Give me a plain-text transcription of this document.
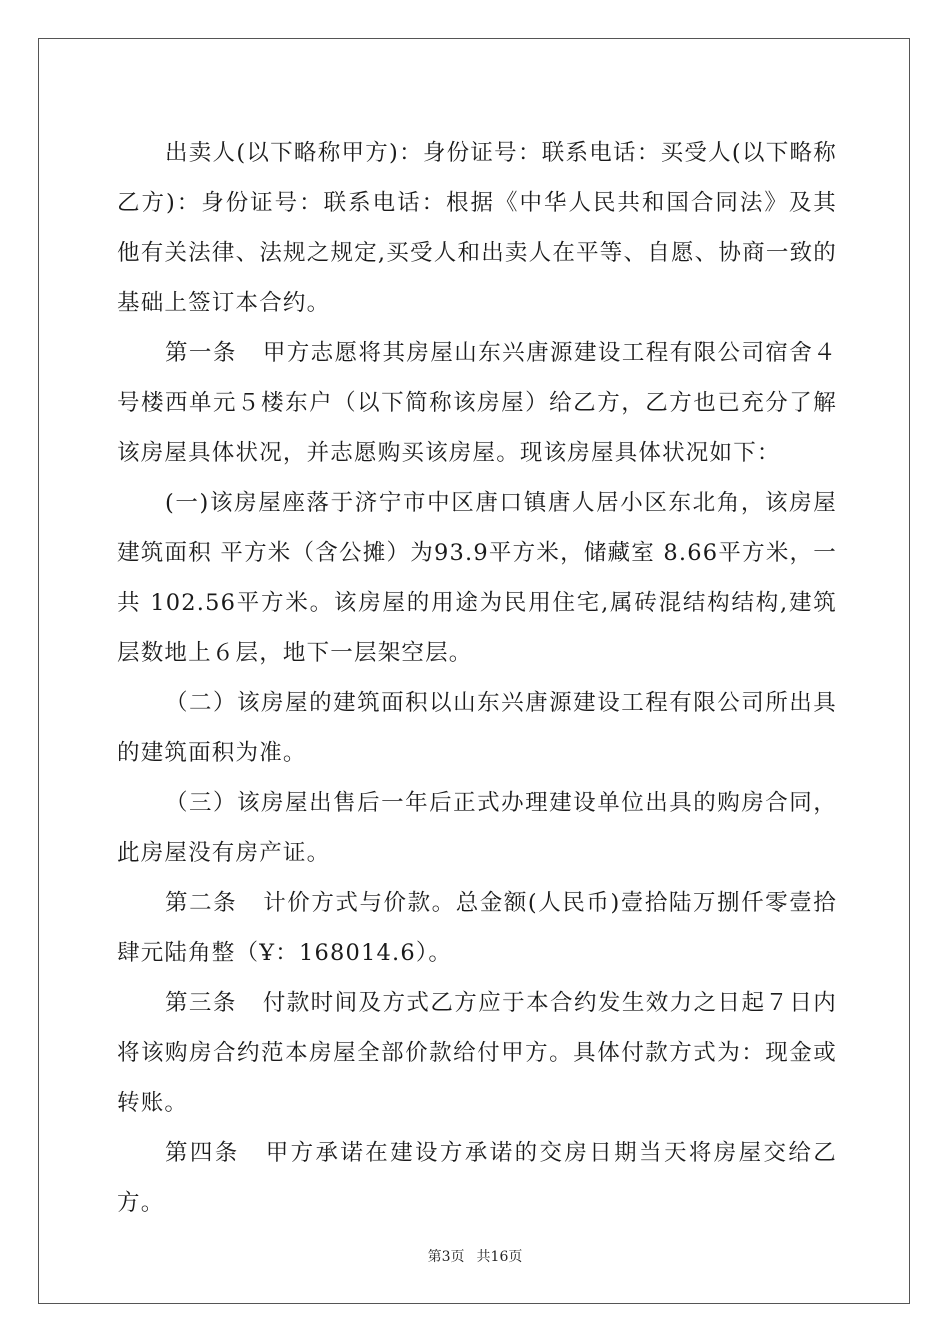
出卖人(以下略称甲方)：身份证号：联系电话：买受人(以下略称乙方)：身份证号：联系电话：根据《中华人民共和国合同法》及其他有关法律、法规之规定,买受人和出卖人在平等、自愿、协商一致的基础上签订本合约。

第一条 甲方志愿将其房屋山东兴唐源建设工程有限公司宿舍４号楼西单元５楼东户（以下简称该房屋）给乙方，乙方也已充分了解该房屋具体状况，并志愿购买该房屋。现该房屋具体状况如下：

(一)该房屋座落于济宁市中区唐口镇唐人居小区东北角，该房屋建筑面积 平方米（含公摊）为93.9平方米，储藏室 8.66平方米，一共 102.56平方米。该房屋的用途为民用住宅,属砖混结构结构,建筑层数地上６层，地下一层架空层。

（二）该房屋的建筑面积以山东兴唐源建设工程有限公司所出具的建筑面积为准。

（三）该房屋出售后一年后正式办理建设单位出具的购房合同，此房屋没有房产证。

第二条 计价方式与价款。总金额(人民币)壹拾陆万捌仟零壹拾肆元陆角整（Ұ：168014.6）。

第三条 付款时间及方式乙方应于本合约发生效力之日起７日内将该购房合约范本房屋全部价款给付甲方。具体付款方式为：现金或转账。

第四条 甲方承诺在建设方承诺的交房日期当天将房屋交给乙方。

第3页 共16页
